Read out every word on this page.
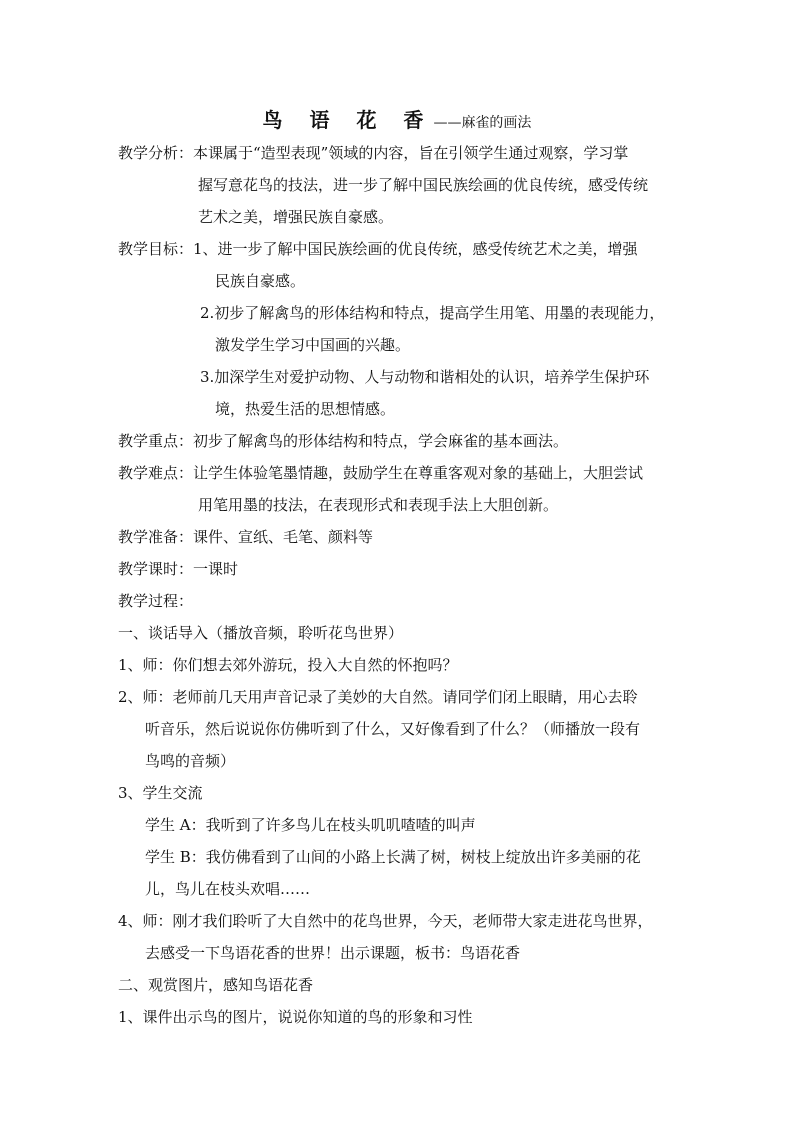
鸟 语 花 香——麻雀的画法
教学分析：本课属于“造型表现”领域的内容，旨在引领学生通过观察，学习掌
握写意花鸟的技法，进一步了解中国民族绘画的优良传统，感受传统
艺术之美，增强民族自豪感。
教学目标：1、进一步了解中国民族绘画的优良传统，感受传统艺术之美，增强
民族自豪感。
2.初步了解禽鸟的形体结构和特点，提高学生用笔、用墨的表现能力，
激发学生学习中国画的兴趣。
3.加深学生对爱护动物、人与动物和谐相处的认识，培养学生保护环
境，热爱生活的思想情感。
教学重点：初步了解禽鸟的形体结构和特点，学会麻雀的基本画法。
教学难点：让学生体验笔墨情趣，鼓励学生在尊重客观对象的基础上，大胆尝试
用笔用墨的技法，在表现形式和表现手法上大胆创新。
教学准备：课件、宣纸、毛笔、颜料等
教学课时：一课时
教学过程：
一、谈话导入（播放音频，聆听花鸟世界）
1、师：你们想去郊外游玩，投入大自然的怀抱吗？
2、师：老师前几天用声音记录了美妙的大自然。请同学们闭上眼睛，用心去聆
听音乐，然后说说你仿佛听到了什么，又好像看到了什么？（师播放一段有
鸟鸣的音频）
3、学生交流
学生 A：我听到了许多鸟儿在枝头叽叽喳喳的叫声
学生 B：我仿佛看到了山间的小路上长满了树，树枝上绽放出许多美丽的花
儿，鸟儿在枝头欢唱……
4、师：刚才我们聆听了大自然中的花鸟世界，今天，老师带大家走进花鸟世界，
去感受一下鸟语花香的世界！出示课题，板书：鸟语花香
二、观赏图片，感知鸟语花香
1、课件出示鸟的图片，说说你知道的鸟的形象和习性
